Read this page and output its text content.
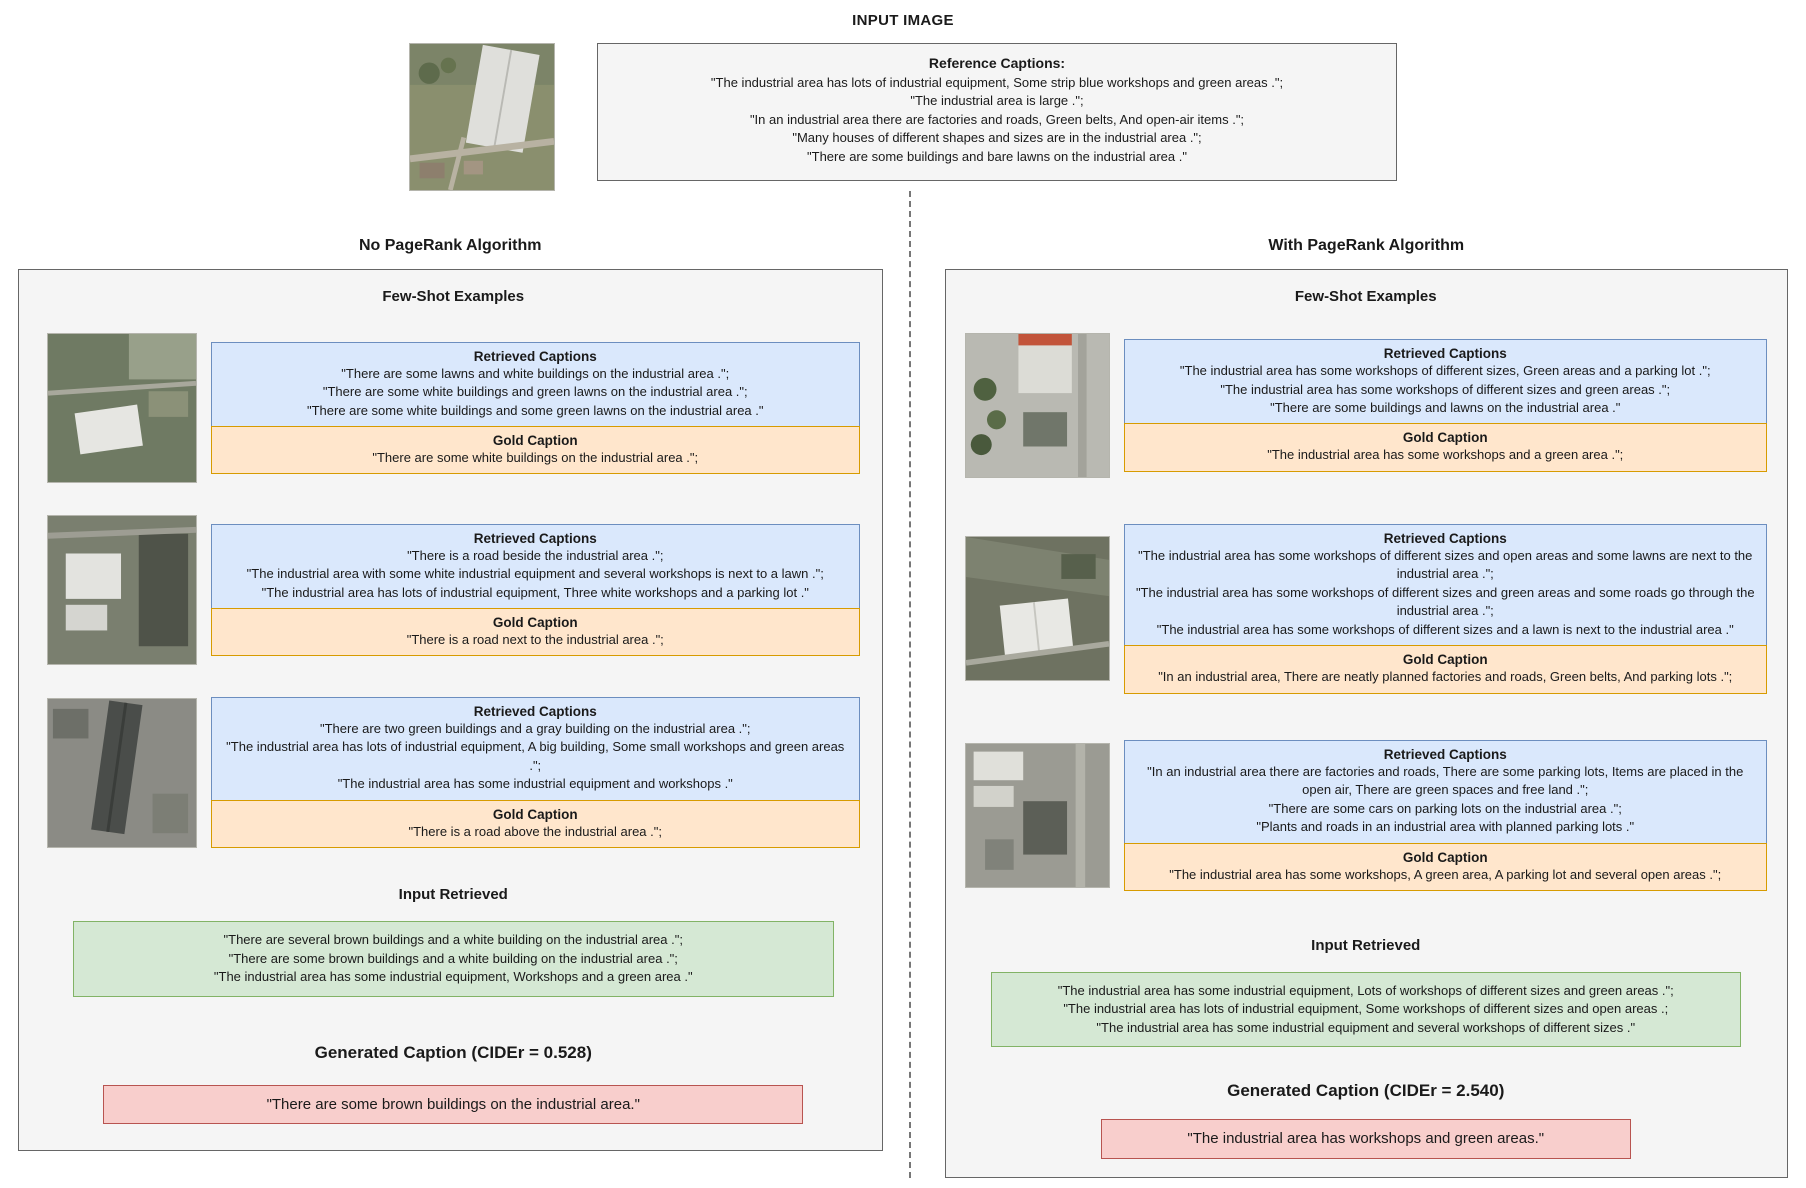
INPUT IMAGE
Reference Captions:
"The industrial area has lots of industrial equipment, Some strip blue workshops and green areas .";
"The industrial area is large .";
"In an industrial area there are factories and roads, Green belts, And open-air items .";
"Many houses of different shapes and sizes are in the industrial area .";
"There are some buildings and bare lawns on the industrial area ."
No PageRank Algorithm
Few-Shot Examples
Retrieved Captions
"There are some lawns and white buildings on the industrial area .";
"There are some white buildings and green lawns on the industrial area .";
"There are some white buildings and some green lawns on the industrial area ."
Gold Caption
"There are some white buildings on the industrial area .";
Retrieved Captions
"There is a road beside the industrial area .";
"The industrial area with some white industrial equipment and several workshops is next to a lawn .";
"The industrial area has lots of industrial equipment, Three white workshops and a parking lot ."
Gold Caption
"There is a road next to the industrial area .";
Retrieved Captions
"There are two green buildings and a gray building on the industrial area .";
"The industrial area has lots of industrial equipment, A big building, Some small workshops and green areas .";
"The industrial area has some industrial equipment and workshops ."
Gold Caption
"There is a road above the industrial area .";
Input Retrieved
"There are several brown buildings and a white building on the industrial area .";
"There are some brown buildings and a white building on the industrial area .";
"The industrial area has some industrial equipment, Workshops and a green area ."
Generated Caption (CIDEr = 0.528)
"There are some brown buildings on the industrial area."
With PageRank Algorithm
Few-Shot Examples
Retrieved Captions
"The industrial area has some workshops of different sizes, Green areas and a parking lot .";
"The industrial area has some workshops of different sizes and green areas .";
"There are some buildings and lawns on the industrial area ."
Gold Caption
"The industrial area has some workshops and a green area .";
Retrieved Captions
"The industrial area has some workshops of different sizes and open areas and some lawns are next to the industrial area .";
"The industrial area has some workshops of different sizes and green areas and some roads go through the industrial area .";
"The industrial area has some workshops of different sizes and a lawn is next to the industrial area ."
Gold Caption
"In an industrial area, There are neatly planned factories and roads, Green belts, And parking lots .";
Retrieved Captions
"In an industrial area there are factories and roads, There are some parking lots, Items are placed in the open air, There are green spaces and free land .";
"There are some cars on parking lots on the industrial area .";
"Plants and roads in an industrial area with planned parking lots ."
Gold Caption
"The industrial area has some workshops, A green area, A parking lot and several open areas .";
Input Retrieved
"The industrial area has some industrial equipment, Lots of workshops of different sizes and green areas .";
"The industrial area has lots of industrial equipment, Some workshops of different sizes and open areas .;
"The industrial area has some industrial equipment and several workshops of different sizes ."
Generated Caption (CIDEr = 2.540)
"The industrial area has workshops and green areas."
